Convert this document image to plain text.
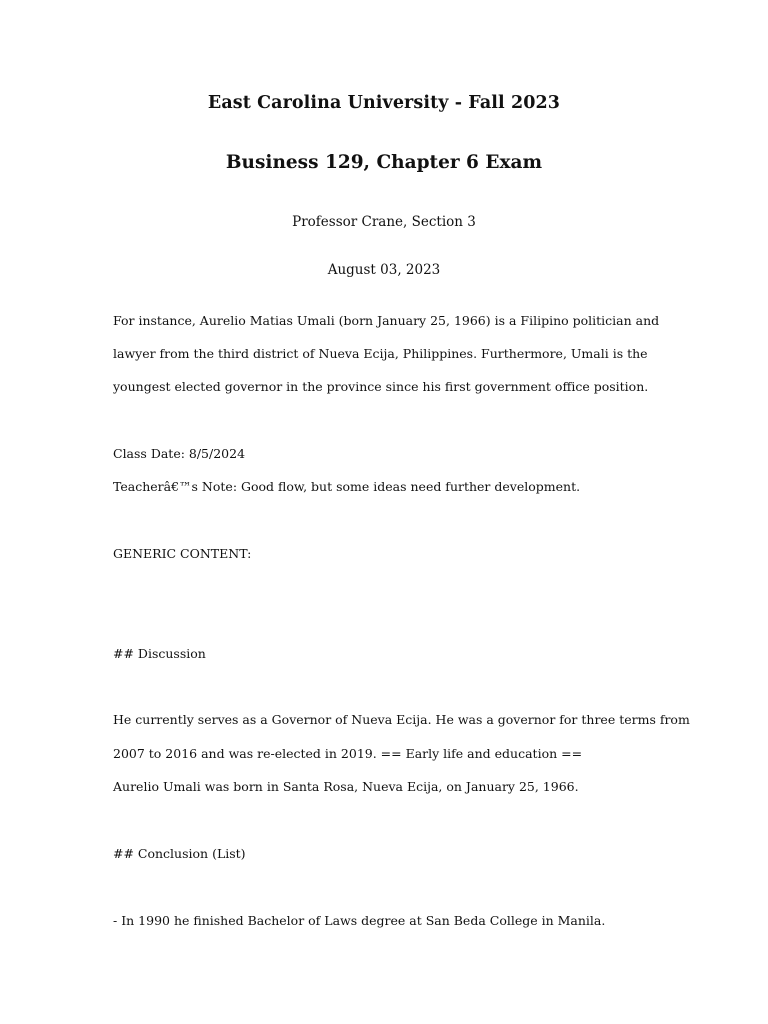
East Carolina University - Fall 2023
Business 129, Chapter 6 Exam
Professor Crane, Section 3
August 03, 2023
For instance, Aurelio Matias Umali (born January 25, 1966) is a Filipino politician and
lawyer from the third district of Nueva Ecija, Philippines. Furthermore, Umali is the
youngest elected governor in the province since his first government office position.
Class Date: 8/5/2024
Teacherâ€™s Note: Good flow, but some ideas need further development.
GENERIC CONTENT:
## Discussion
He currently serves as a Governor of Nueva Ecija. He was a governor for three terms from
2007 to 2016 and was re-elected in 2019. == Early life and education ==
Aurelio Umali was born in Santa Rosa, Nueva Ecija, on January 25, 1966.
## Conclusion (List)
- In 1990 he finished Bachelor of Laws degree at San Beda College in Manila.
